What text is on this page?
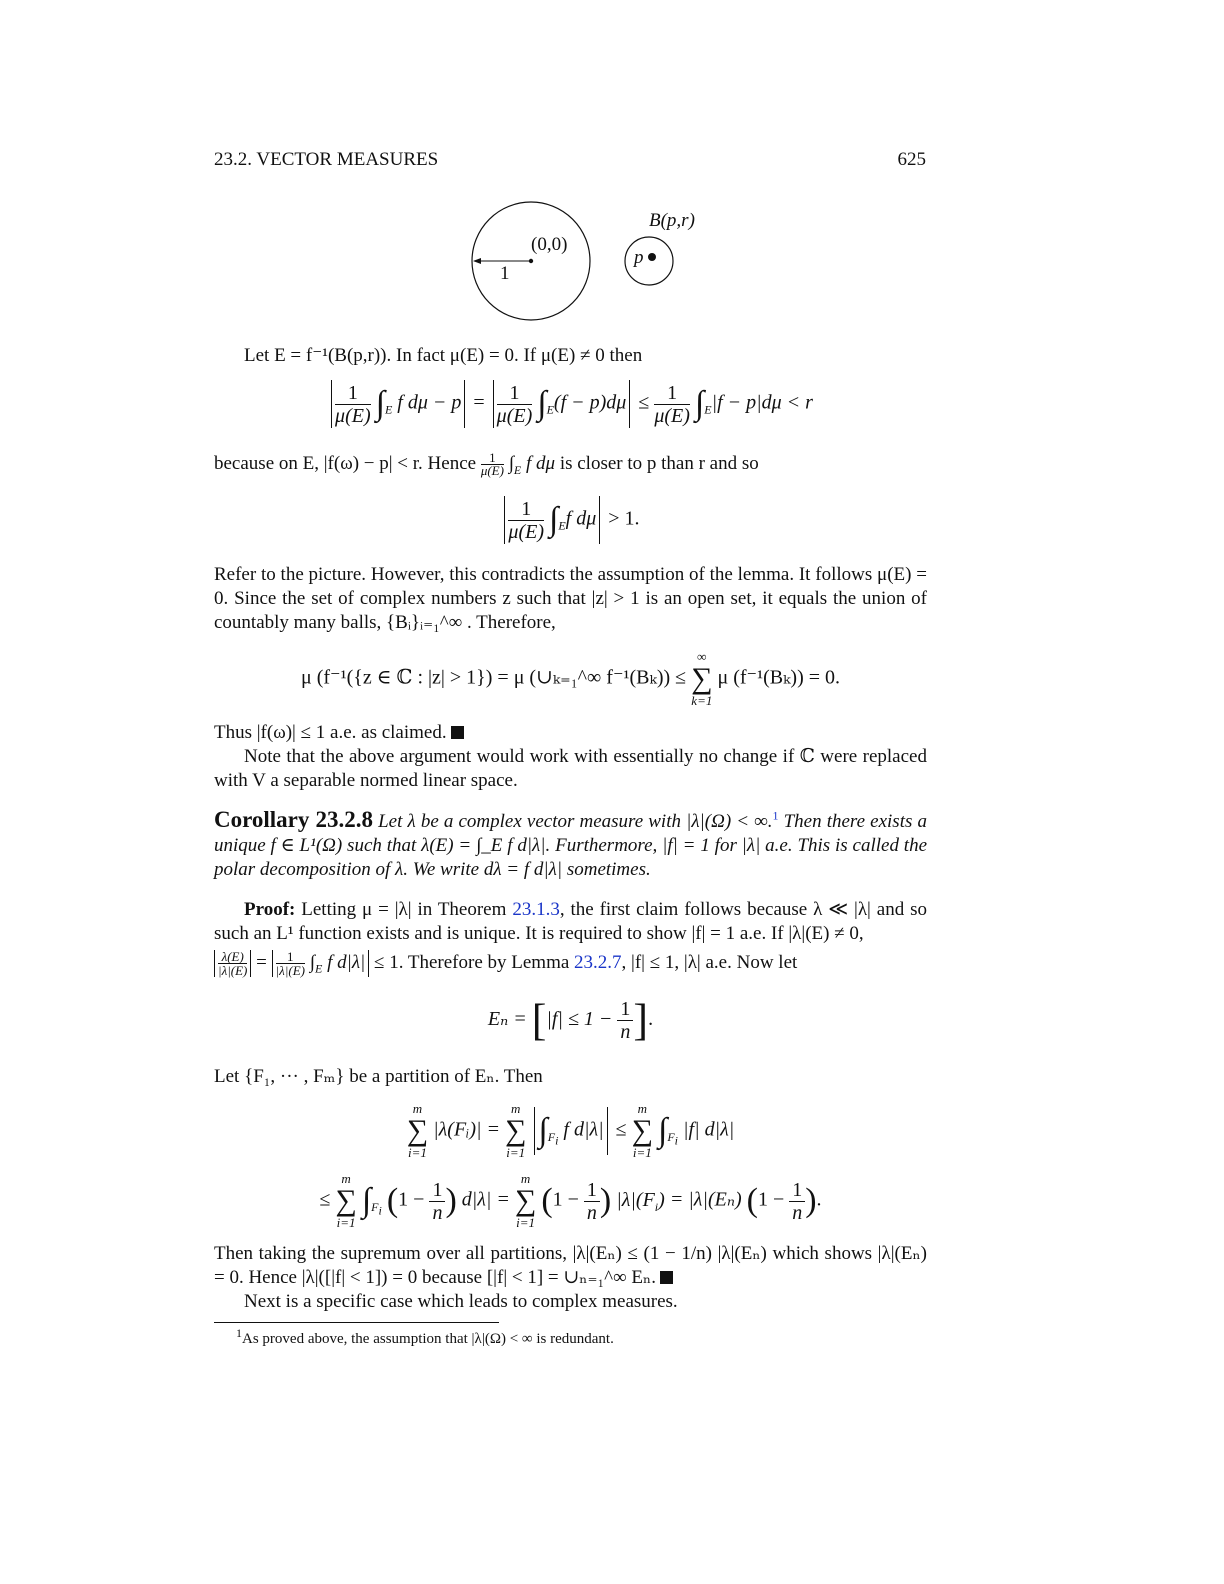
23.2. VECTOR MEASURES	625
(0,0)
1
B(p,r)
p
Let E = f⁻¹(B(p,r)). In fact μ(E) = 0. If μ(E) ≠ 0 then
$\frac{1}{\mu(E)} \int_E$ f $d\mu - p = \frac{1}{\mu(E)} \int_E(f - p)d\mu \le \frac{1}{\mu(E)} \int_E|f - p|d\mu < r$
because on E, |f(ω) − p| < r. Hence $\frac{1}{\mu(E)} \int_E$ f dμ is closer to p than r and so
$\frac{1}{\mu(E)} \int_Ef$ dμ > 1.
Refer to the picture. However, this contradicts the assumption of the lemma. It follows μ(E) = 0. Since the set of complex numbers z such that |z| > 1 is an open set, it equals the union of countably many balls, {Bᵢ}ᵢ₌₁^∞ . Therefore,
μ (f⁻¹({z ∈ ℂ : |z| > 1}) = μ (∪ₖ₌₁^∞ f⁻¹(Bₖ)) ≤
∞
∑
k=1
μ (f⁻¹(Bₖ)) = 0.
Thus |f(ω)| ≤ 1 a.e. as claimed.
Note that the above argument would work with essentially no change if ℂ were replaced with V a separable normed linear space.
Corollary 23.2.8 Let λ be a complex vector measure with |λ|(Ω) < ∞.$^1$ Then there exists a unique f ∈ L¹(Ω) such that λ(E) = ∫_E f d|λ|. Furthermore, |f| = 1 for |λ| a.e. This is called the polar decomposition of λ. We write dλ = f d|λ| sometimes.
Proof: Letting μ = |λ| in Theorem 23.1.3, the first claim follows because λ ≪ |λ| and so such an L¹ function exists and is unique. It is required to show |f| = 1 a.e. If |λ|(E) ≠ 0,
$\frac{\lambda(E)}{|\lambda|(E)} = \frac{1}{|\lambda|(E)} \int_E$ f d|λ| ≤ 1. Therefore by Lemma 23.2.7, |f| ≤ 1, |λ| a.e. Now let
$E_n = [|f| \le 1 - \frac{1}{n}$ ].
Let {F₁, ··· , Fₘ} be a partition of Eₙ. Then
m
∑
i=1
|λ(Fᵢ)| =
m
∑
i=1
$\int_{F_i}$ f d|λ| ≤
m
∑
i=1
$\int_{F_i}$ |f| d|λ|
≤
m
∑
i=1
$\int_{F_i}$ ($1 - \frac{1}{n}$ ) d|λ| =
m
∑
i=1
($1 - \frac{1}{n}$ ) $|\lambda|(F_i) = |\lambda|(E_n) (1 - \frac{1}{n}$ ).
Then taking the supremum over all partitions, |λ|(Eₙ) ≤ (1 − 1/n) |λ|(Eₙ) which shows |λ|(Eₙ) = 0. Hence |λ|([|f| < 1]) = 0 because [|f| < 1] = ∪ₙ₌₁^∞ Eₙ.
Next is a specific case which leads to complex measures.
$^1$As proved above, the assumption that |λ|(Ω) < ∞ is redundant.
